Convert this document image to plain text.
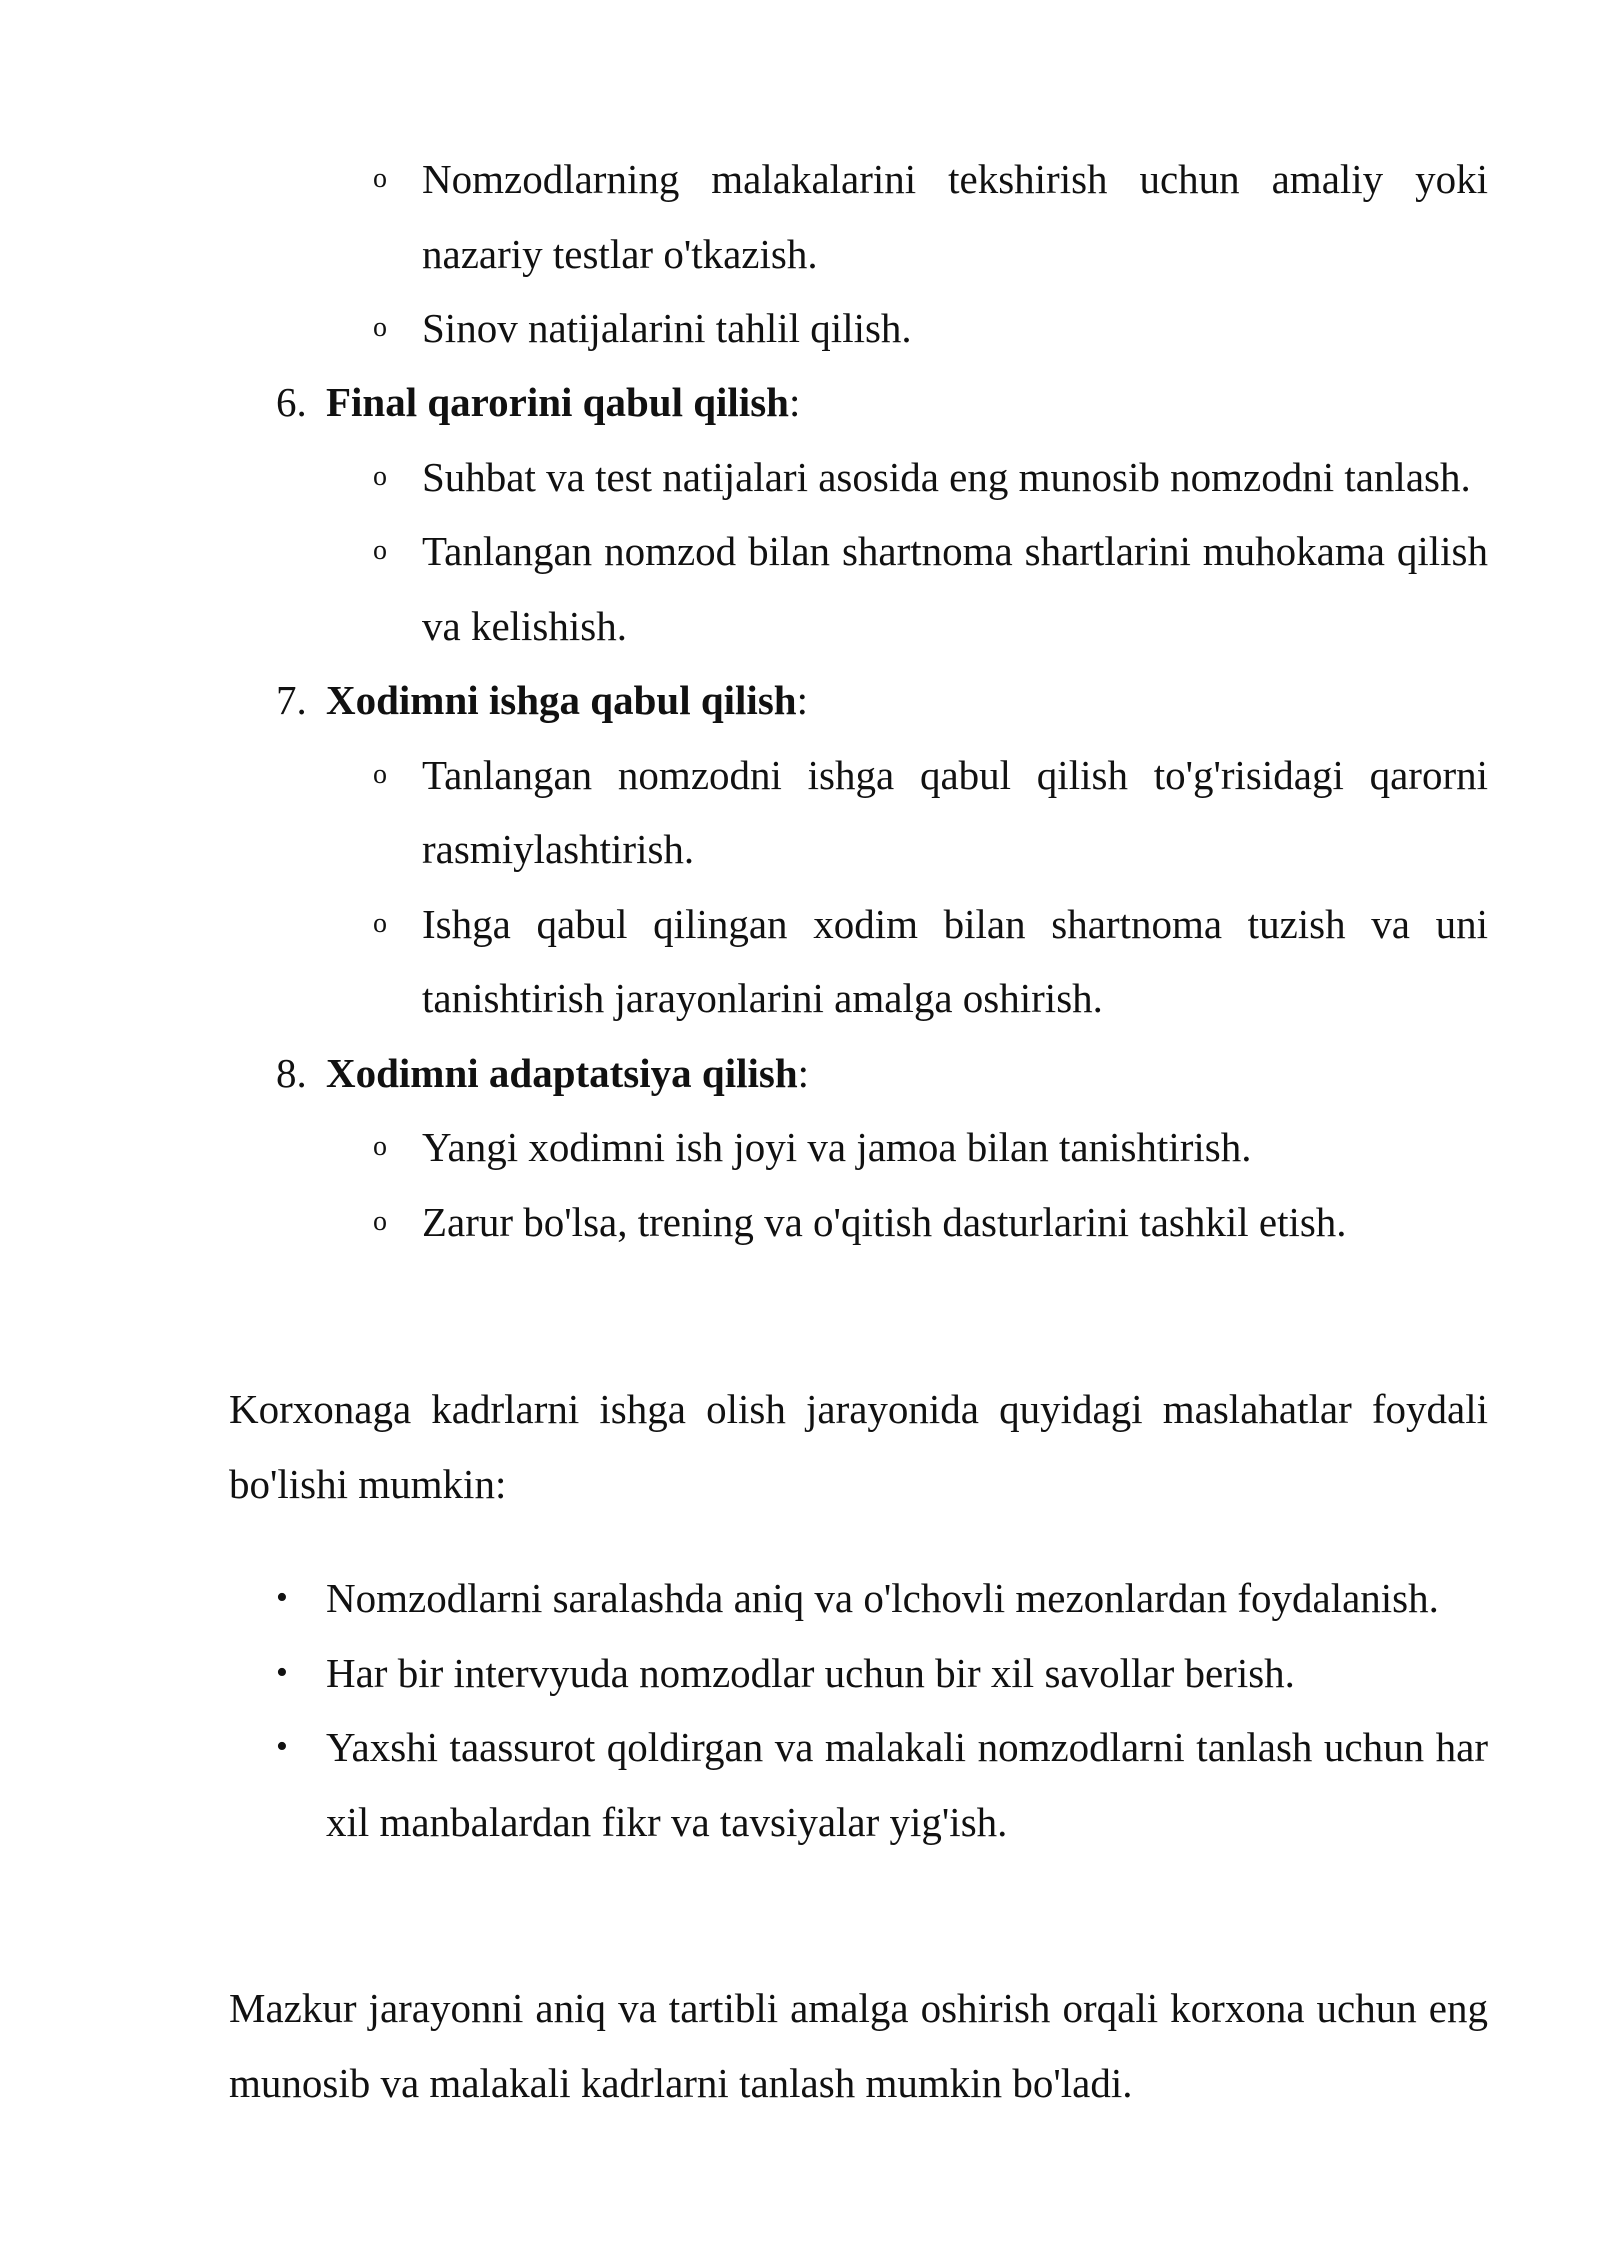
o Nomzodlarning malakalarini tekshirish uchun amaliy yoki nazariy testlar o'tkazish.
o Sinov natijalarini tahlil qilish.
6. Final qarorini qabul qilish:
o Suhbat va test natijalari asosida eng munosib nomzodni tanlash.
o Tanlangan nomzod bilan shartnoma shartlarini muhokama qilish va kelishish.
7. Xodimni ishga qabul qilish:
o Tanlangan nomzodni ishga qabul qilish to'g'risidagi qarorni rasmiylashtirish.
o Ishga qabul qilingan xodim bilan shartnoma tuzish va uni tanishtirish jarayonlarini amalga oshirish.
8. Xodimni adaptatsiya qilish:
o Yangi xodimni ish joyi va jamoa bilan tanishtirish.
o Zarur bo'lsa, trening va o'qitish dasturlarini tashkil etish.

Korxonaga kadrlarni ishga olish jarayonida quyidagi maslahatlar foydali bo'lishi mumkin:

• Nomzodlarni saralashda aniq va o'lchovli mezonlardan foydalanish.
• Har bir intervyuda nomzodlar uchun bir xil savollar berish.
• Yaxshi taassurot qoldirgan va malakali nomzodlarni tanlash uchun har xil manbalardan fikr va tavsiyalar yig'ish.

Mazkur jarayonni aniq va tartibli amalga oshirish orqali korxona uchun eng munosib va malakali kadrlarni tanlash mumkin bo'ladi.
